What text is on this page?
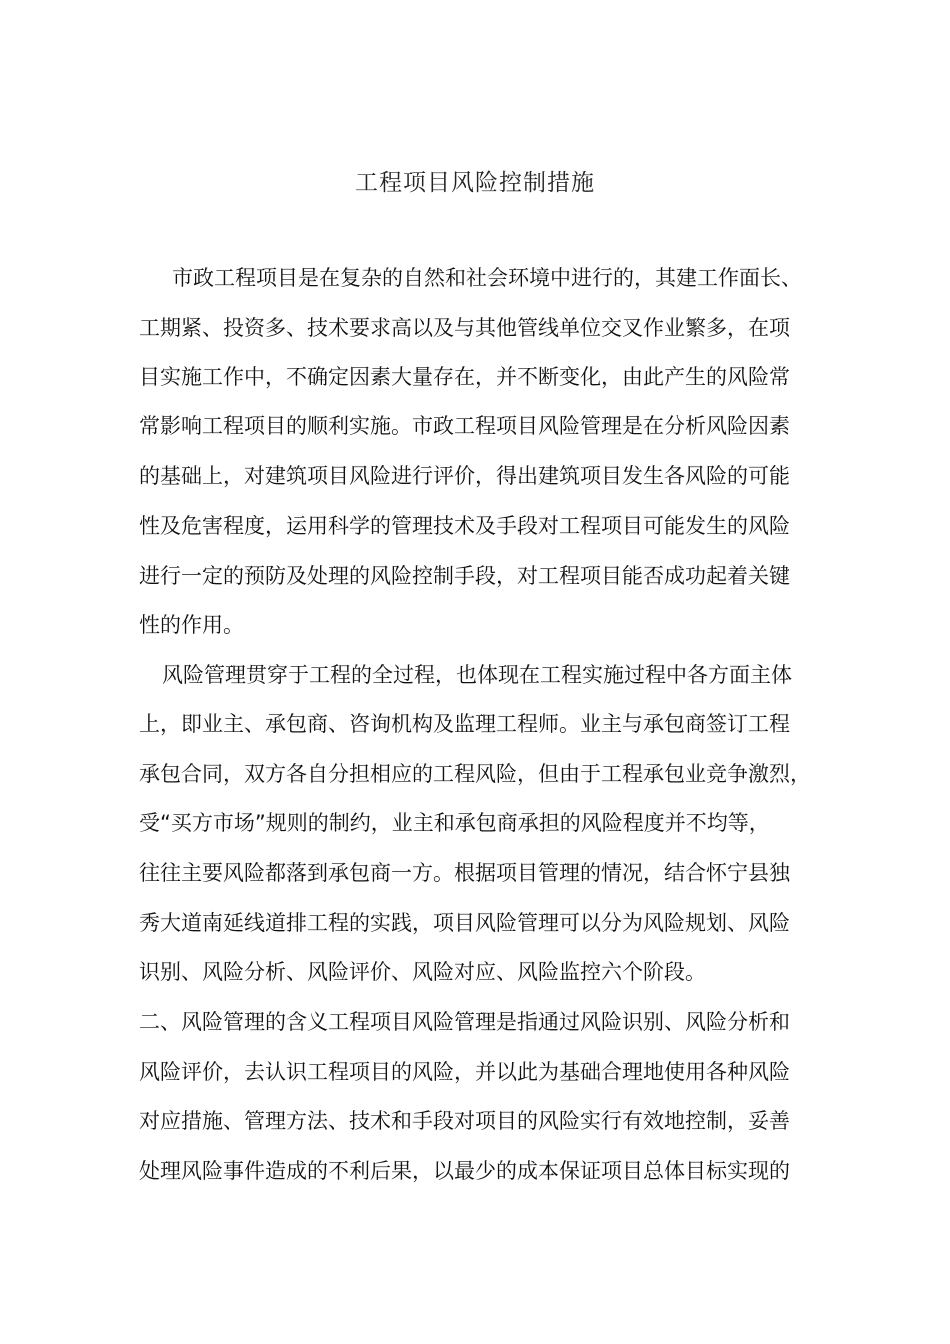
工程项目风险控制措施
市政工程项目是在复杂的自然和社会环境中进行的，其建工作面长、
工期紧、投资多、技术要求高以及与其他管线单位交叉作业繁多，在项
目实施工作中，不确定因素大量存在，并不断变化，由此产生的风险常
常影响工程项目的顺利实施。市政工程项目风险管理是在分析风险因素
的基础上，对建筑项目风险进行评价，得出建筑项目发生各风险的可能
性及危害程度，运用科学的管理技术及手段对工程项目可能发生的风险
进行一定的预防及处理的风险控制手段，对工程项目能否成功起着关键
性的作用。
风险管理贯穿于工程的全过程，也体现在工程实施过程中各方面主体
上，即业主、承包商、咨询机构及监理工程师。业主与承包商签订工程
承包合同，双方各自分担相应的工程风险，但由于工程承包业竞争激烈，
受“买方市场”规则的制约，业主和承包商承担的风险程度并不均等，
往往主要风险都落到承包商一方。根据项目管理的情况，结合怀宁县独
秀大道南延线道排工程的实践，项目风险管理可以分为风险规划、风险
识别、风险分析、风险评价、风险对应、风险监控六个阶段。
二、风险管理的含义工程项目风险管理是指通过风险识别、风险分析和
风险评价，去认识工程项目的风险，并以此为基础合理地使用各种风险
对应措施、管理方法、技术和手段对项目的风险实行有效地控制，妥善
处理风险事件造成的不利后果，以最少的成本保证项目总体目标实现的
